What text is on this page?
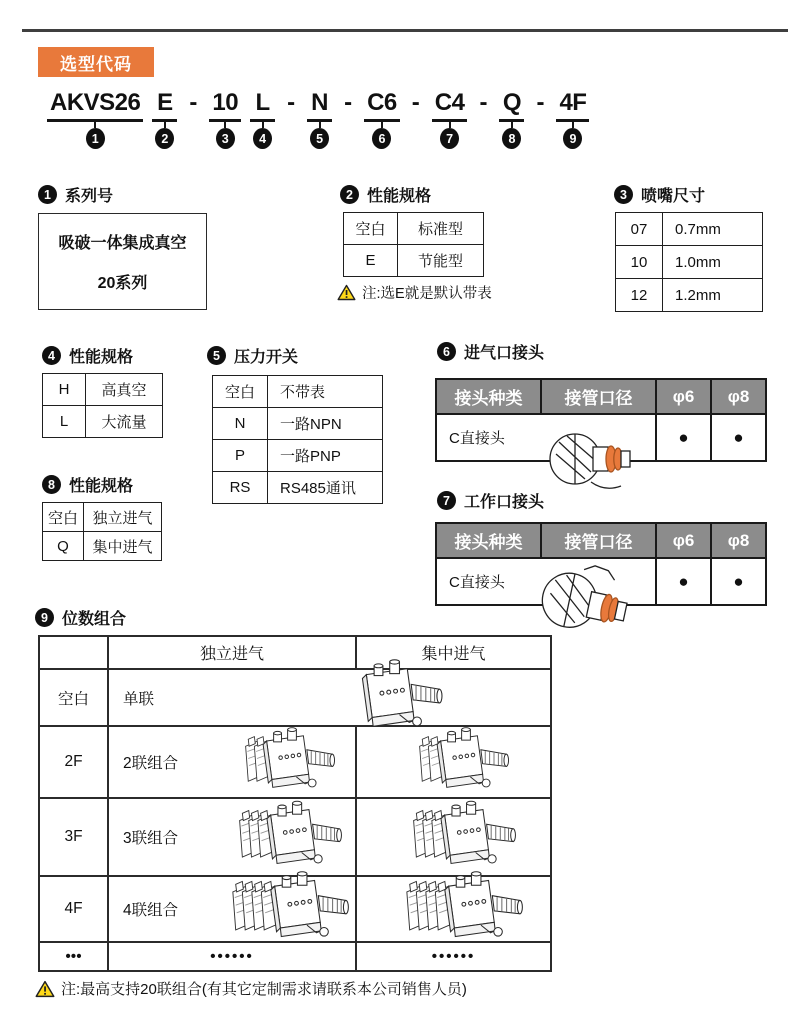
选型代码
AKVS26
1
E
2
- 10
3
L
4
- N
5
- C6
6
- C4
7
- Q
8
- 4F
9
1 系列号
吸破一体集成真空
20系列
2 性能规格
空白	标准型
E	节能型
注:选E就是默认带表
3 喷嘴尺寸
07	0.7mm
10	1.0mm
12	1.2mm
4 性能规格
H	高真空
L	大流量
5 压力开关
空白	不带表
N	一路NPN
P	一路PNP
RS	RS485通讯
8 性能规格
空白	独立进气
Q	集中进气
6 进气口接头
接头种类	接管口径	φ6	φ8
C直接头		●	●
7 工作口接头
接头种类	接管口径	φ6	φ8
C直接头		●	●
9 位数组合
	独立进气	集中进气
空白	单联	

2F	2联组合

3F	3联组合

4F	4联组合

•••	••••••	••••••
注:最高支持20联组合(有其它定制需求请联系本公司销售人员)
